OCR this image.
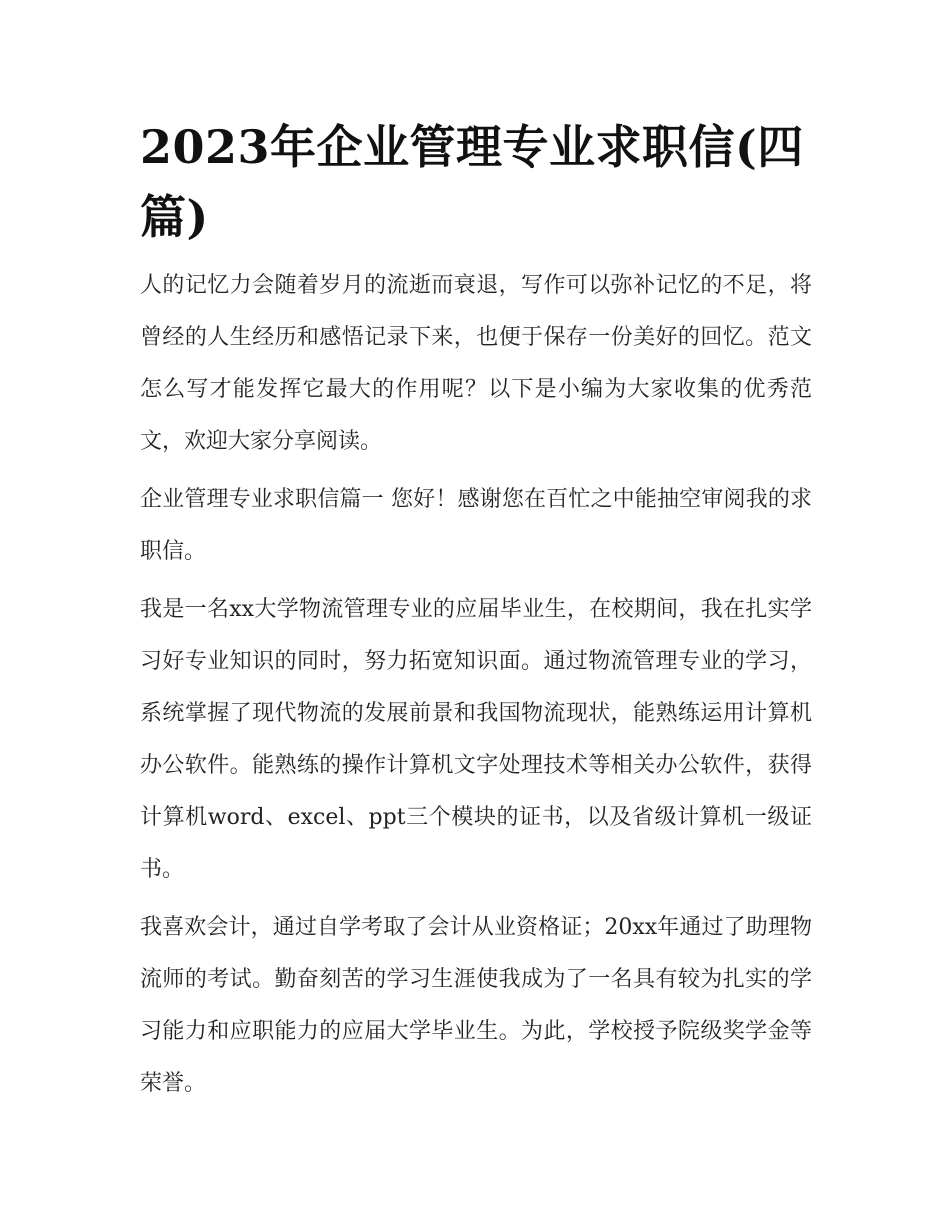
2023年企业管理专业求职信(四篇)

人的记忆力会随着岁月的流逝而衰退，写作可以弥补记忆的不足，将曾经的人生经历和感悟记录下来，也便于保存一份美好的回忆。范文怎么写才能发挥它最大的作用呢？以下是小编为大家收集的优秀范文，欢迎大家分享阅读。

企业管理专业求职信篇一 您好！感谢您在百忙之中能抽空审阅我的求职信。

我是一名xx大学物流管理专业的应届毕业生，在校期间，我在扎实学习好专业知识的同时，努力拓宽知识面。通过物流管理专业的学习，系统掌握了现代物流的发展前景和我国物流现状，能熟练运用计算机办公软件。能熟练的操作计算机文字处理技术等相关办公软件，获得计算机word、excel、ppt三个模块的证书，以及省级计算机一级证书。

我喜欢会计，通过自学考取了会计从业资格证；20xx年通过了助理物流师的考试。勤奋刻苦的学习生涯使我成为了一名具有较为扎实的学习能力和应职能力的应届大学毕业生。为此，学校授予院级奖学金等荣誉。
